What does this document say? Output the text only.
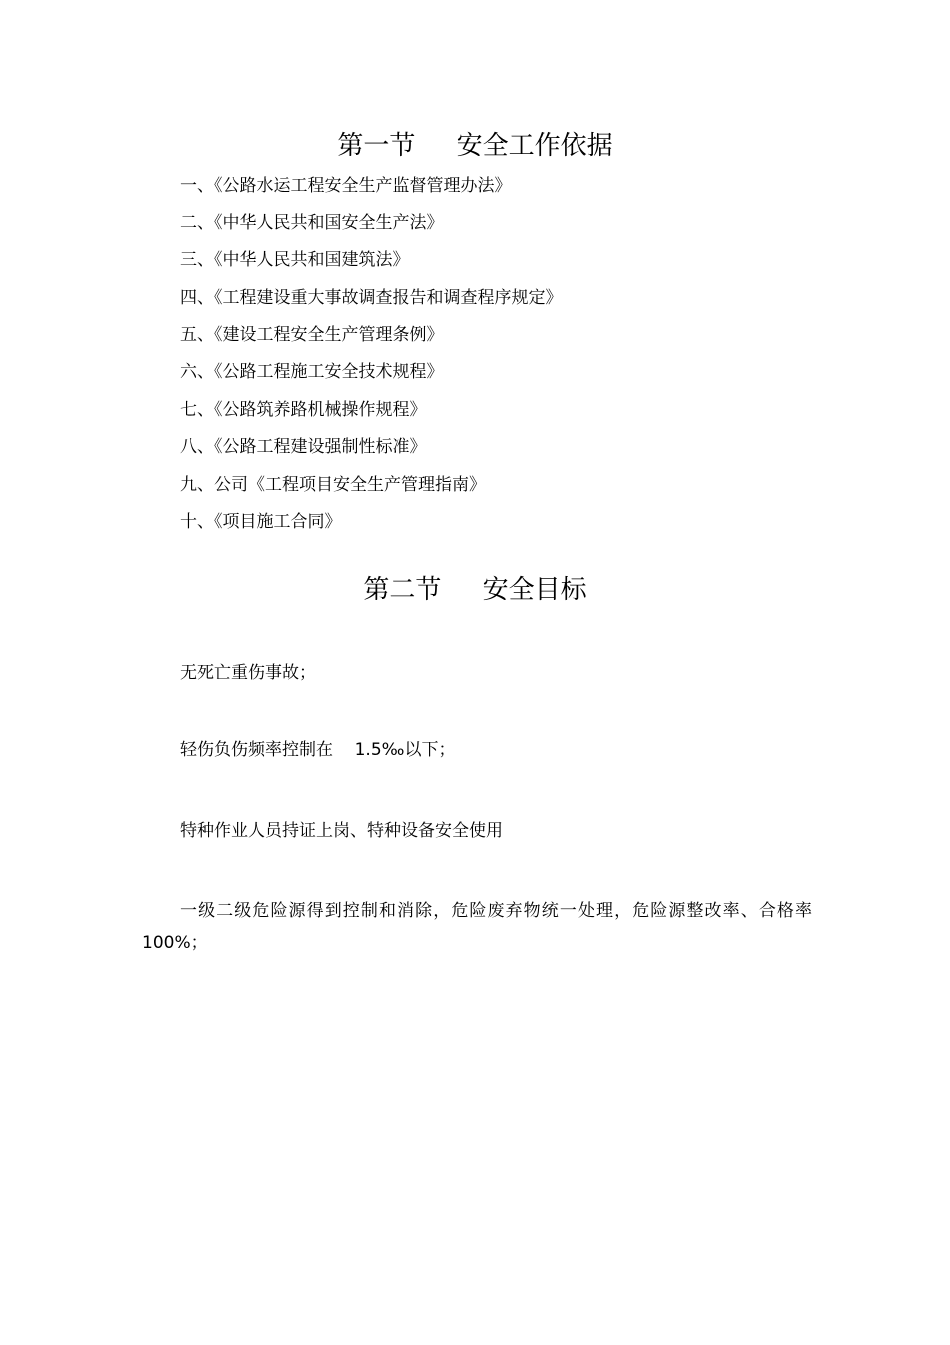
第一节     安全工作依据
一、《公路水运工程安全生产监督管理办法》
二、《中华人民共和国安全生产法》
三、《中华人民共和国建筑法》
四、《工程建设重大事故调查报告和调查程序规定》
五、《建设工程安全生产管理条例》
六、《公路工程施工安全技术规程》
七、《公路筑养路机械操作规程》
八、《公路工程建设强制性标准》
九、公司《工程项目安全生产管理指南》
十、《项目施工合同》
第二节     安全目标
无死亡重伤事故；
轻伤负伤频率控制在    1.5‰以下；
特种作业人员持证上岗、特种设备安全使用
一级二级危险源得到控制和消除，危险废弃物统一处理，危险源整改率、合格率100%；
